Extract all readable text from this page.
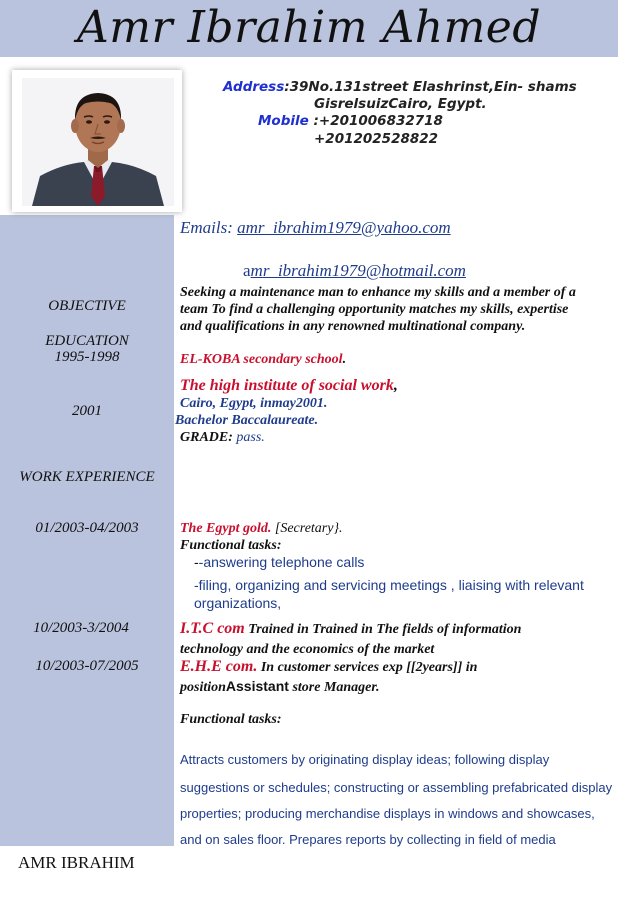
Amr Ibrahim Ahmed
Address:39No.131street Elashrinst,Ein- shams
GisrelsuizCairo, Egypt.
Mobile :+201006832718
+201202528822
Emails: amr_ibrahim1979@yahoo.com
amr_ibrahim1979@hotmail.com
OBJECTIVE
EDUCATION
1995-1998
2001
WORK EXPERIENCE
01/2003-04/2003
10/2003-3/2004
10/2003-07/2005
Seeking a maintenance man to enhance my skills and a member of a
team To find a challenging opportunity matches my skills, expertise
and qualifications in any renowned multinational company.
EL-KOBA secondary school.
The high institute of social work,
Cairo, Egypt, inmay2001.
Bachelor Baccalaureate.
GRADE: pass.
The Egypt gold. [Secretary}.
Functional tasks:
--answering telephone calls
-filing, organizing and servicing meetings , liaising with relevant
organizations,
I.T.C com Trained in Trained in The fields of information
technology and the economics of the market
E.H.E com. In customer services exp [[2years]] in
positionAssistant store Manager.
Functional tasks:
Attracts customers by originating display ideas; following display
suggestions or schedules; constructing or assembling prefabricated display
properties; producing merchandise displays in windows and showcases,
and on sales floor. Prepares reports by collecting in field of media
AMR IBRAHIM
